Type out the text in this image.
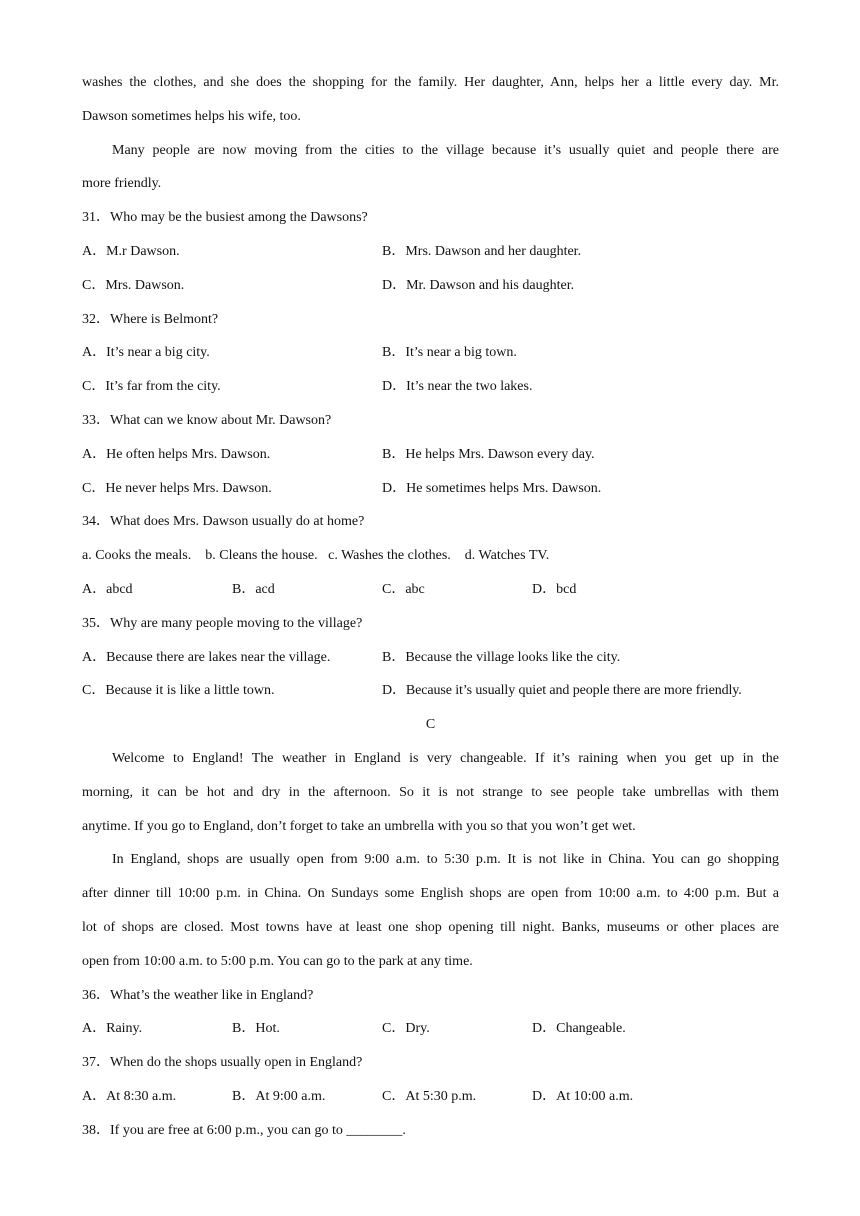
washes the clothes, and she does the shopping for the family. Her daughter, Ann, helps her a little every day. Mr.
Dawson sometimes helps his wife, too.
Many people are now moving from the cities to the village because it’s usually quiet and people there are
more friendly.
31．Who may be the busiest among the Dawsons?
A．M.r Dawson.	B．Mrs. Dawson and her daughter.
C．Mrs. Dawson.	D．Mr. Dawson and his daughter.
32．Where is Belmont?
A．It’s near a big city.	B．It’s near a big town.
C．It’s far from the city.	D．It’s near the two lakes.
33．What can we know about Mr. Dawson?
A．He often helps Mrs. Dawson.	B．He helps Mrs. Dawson every day.
C．He never helps Mrs. Dawson.	D．He sometimes helps Mrs. Dawson.
34．What does Mrs. Dawson usually do at home?
a. Cooks the meals.    b. Cleans the house.   c. Washes the clothes.    d. Watches TV.
A．abcd	B．acd	C．abc	D．bcd
35．Why are many people moving to the village?
A．Because there are lakes near the village.	B．Because the village looks like the city.
C．Because it is like a little town.	D．Because it’s usually quiet and people there are more friendly.
C
Welcome to England! The weather in England is very changeable. If it’s raining when you get up in the
morning, it can be hot and dry in the afternoon. So it is not strange to see people take umbrellas with them
anytime. If you go to England, don’t forget to take an umbrella with you so that you won’t get wet.
In England, shops are usually open from 9:00 a.m. to 5:30 p.m. It is not like in China. You can go shopping
after dinner till 10:00 p.m. in China. On Sundays some English shops are open from 10:00 a.m. to 4:00 p.m. But a
lot of shops are closed. Most towns have at least one shop opening till night. Banks, museums or other places are
open from 10:00 a.m. to 5:00 p.m. You can go to the park at any time.
36．What’s the weather like in England?
A．Rainy.	B．Hot.	C．Dry.	D．Changeable.
37．When do the shops usually open in England?
A．At 8:30 a.m.	B．At 9:00 a.m.	C．At 5:30 p.m.	D．At 10:00 a.m.
38．If you are free at 6:00 p.m., you can go to ________.
